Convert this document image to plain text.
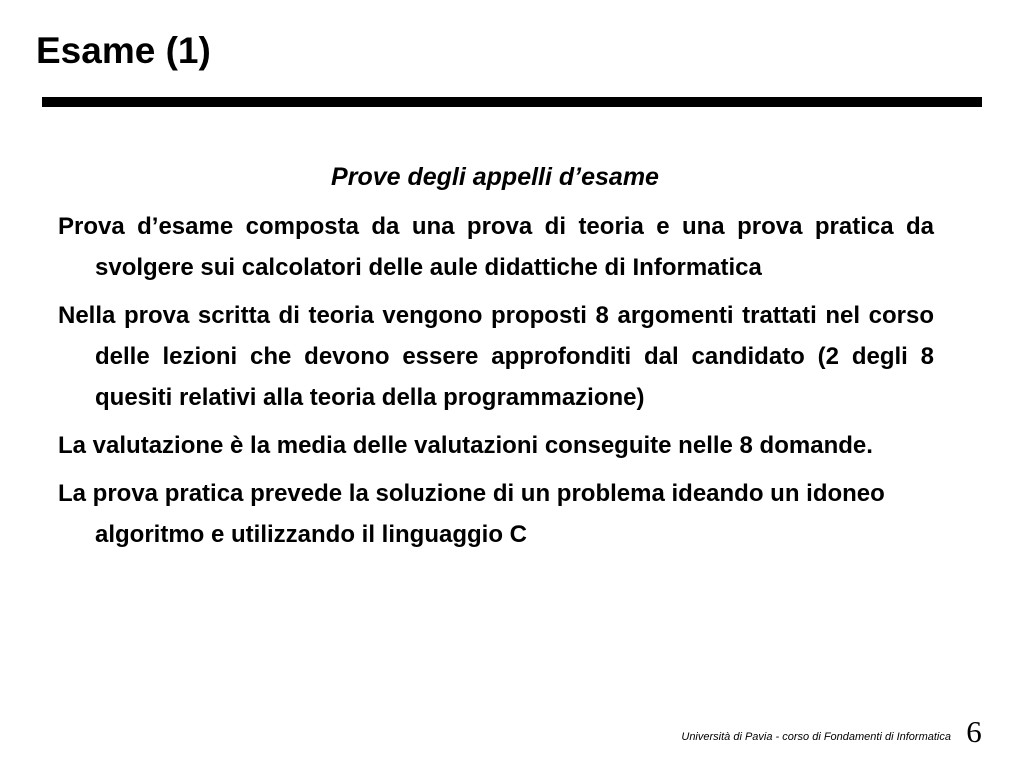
Esame (1)
Prove degli appelli d’esame

Prova d’esame composta da una prova di teoria e una prova pratica da svolgere sui calcolatori delle aule didattiche di Informatica

Nella prova scritta di teoria vengono proposti 8 argomenti trattati nel corso delle lezioni che devono essere approfonditi dal candidato (2 degli 8 quesiti relativi alla teoria della programmazione)

La valutazione è la media delle valutazioni conseguite nelle 8 domande.

La prova pratica prevede la soluzione di un problema ideando un idoneo algoritmo e utilizzando il linguaggio C

Università di Pavia - corso di Fondamenti di Informatica 6
